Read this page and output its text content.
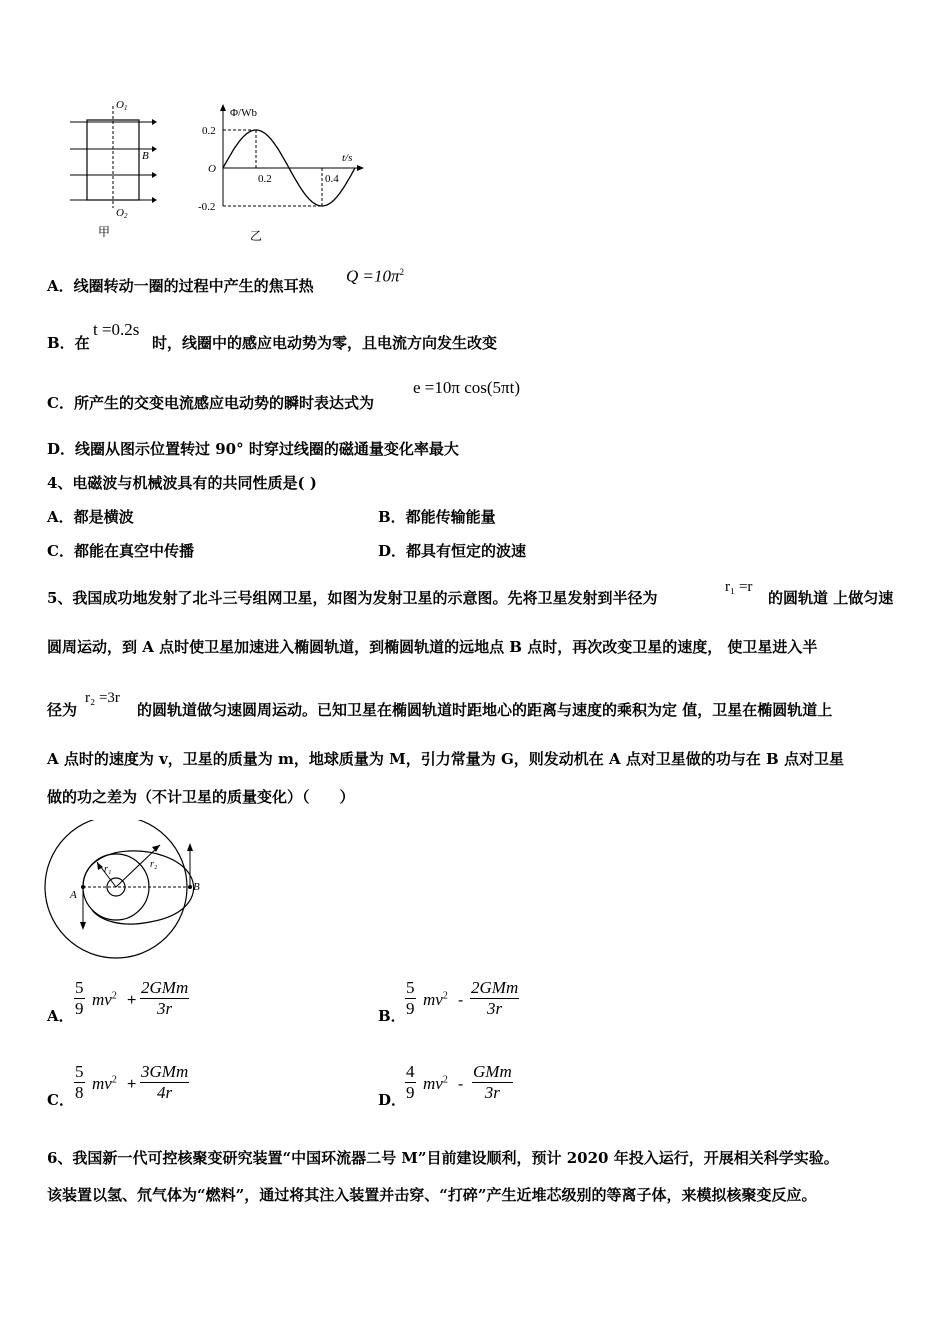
O1
O2
B
甲
Φ/Wb
t/s
O
0.2
-0.2
0.2	0.4
乙
A．线圈转动一圈的过程中产生的焦耳热
$Q =10\pi^2$
B．在
t =0.2s
时，线圈中的感应电动势为零，且电流方向发生改变
C．所产生的交变电流感应电动势的瞬时表达式为
e =10π cos(5πt)
D．线圈从图示位置转过 90° 时穿过线圈的磁通量变化率最大
4、电磁波与机械波具有的共同性质是( )
A．都是横波	B．都能传输能量
C．都能在真空中传播	D．都具有恒定的波速
5、我国成功地发射了北斗三号组网卫星，如图为发射卫星的示意图。先将卫星发射到半径为
r₁ =r
的圆轨道 上做匀速
圆周运动，到 A 点时使卫星加速进入椭圆轨道，到椭圆轨道的远地点 B 点时，再次改变卫星的速度， 使卫星进入半
径为
r₂ =3r
的圆轨道做匀速圆周运动。已知卫星在椭圆轨道时距地心的距离与速度的乘积为定 值，卫星在椭圆轨道上
A 点时的速度为 v，卫星的质量为 m，地球质量为 M，引力常量为 G，则发动机在 A 点对卫星做的功与在 B 点对卫星
做的功之差为（不计卫星的质量变化）（　　）
A
B
r₁	r₂
A． $\frac{5}{9} mv^2$ +
2GMm
3r	B． $\frac{5}{9} mv^2$ -
2GMm
3r
C． $\frac{5}{8} mv^2$ +
3GMm
4r	D．
$\frac{4}{9} mv^2$ -
GMm
3r
6、我国新一代可控核聚变研究装置“中国环流器二号 M”目前建设顺利，预计 2020 年投入运行，开展相关科学实验。
该装置以氢、氘气体为“燃料”，通过将其注入装置并击穿、“打碎”产生近堆芯级别的等离子体，来模拟核聚变反应。
